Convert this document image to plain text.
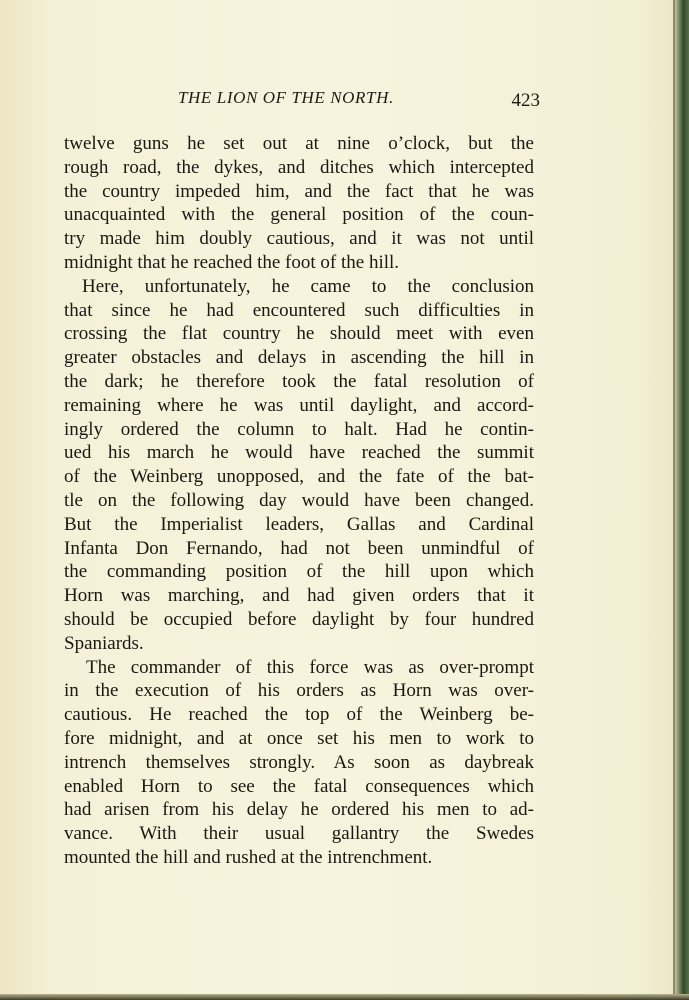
THE LION OF THE NORTH.	423
twelve guns he set out at nine o’clock, but the
rough road, the dykes, and ditches which intercepted
the country impeded him, and the fact that he was
unacquainted with the general position of the coun-
try made him doubly cautious, and it was not until
midnight that he reached the foot of the hill.
Here, unfortunately, he came to the conclusion
that since he had encountered such difficulties in
crossing the flat country he should meet with even
greater obstacles and delays in ascending the hill in
the dark; he therefore took the fatal resolution of
remaining where he was until daylight, and accord-
ingly ordered the column to halt. Had he contin-
ued his march he would have reached the summit
of the Weinberg unopposed, and the fate of the bat-
tle on the following day would have been changed.
But the Imperialist leaders, Gallas and Cardinal
Infanta Don Fernando, had not been unmindful of
the commanding position of the hill upon which
Horn was marching, and had given orders that it
should be occupied before daylight by four hundred
Spaniards.
The commander of this force was as over-prompt
in the execution of his orders as Horn was over-
cautious. He reached the top of the Weinberg be-
fore midnight, and at once set his men to work to
intrench themselves strongly. As soon as daybreak
enabled Horn to see the fatal consequences which
had arisen from his delay he ordered his men to ad-
vance. With their usual gallantry the Swedes
mounted the hill and rushed at the intrenchment.
